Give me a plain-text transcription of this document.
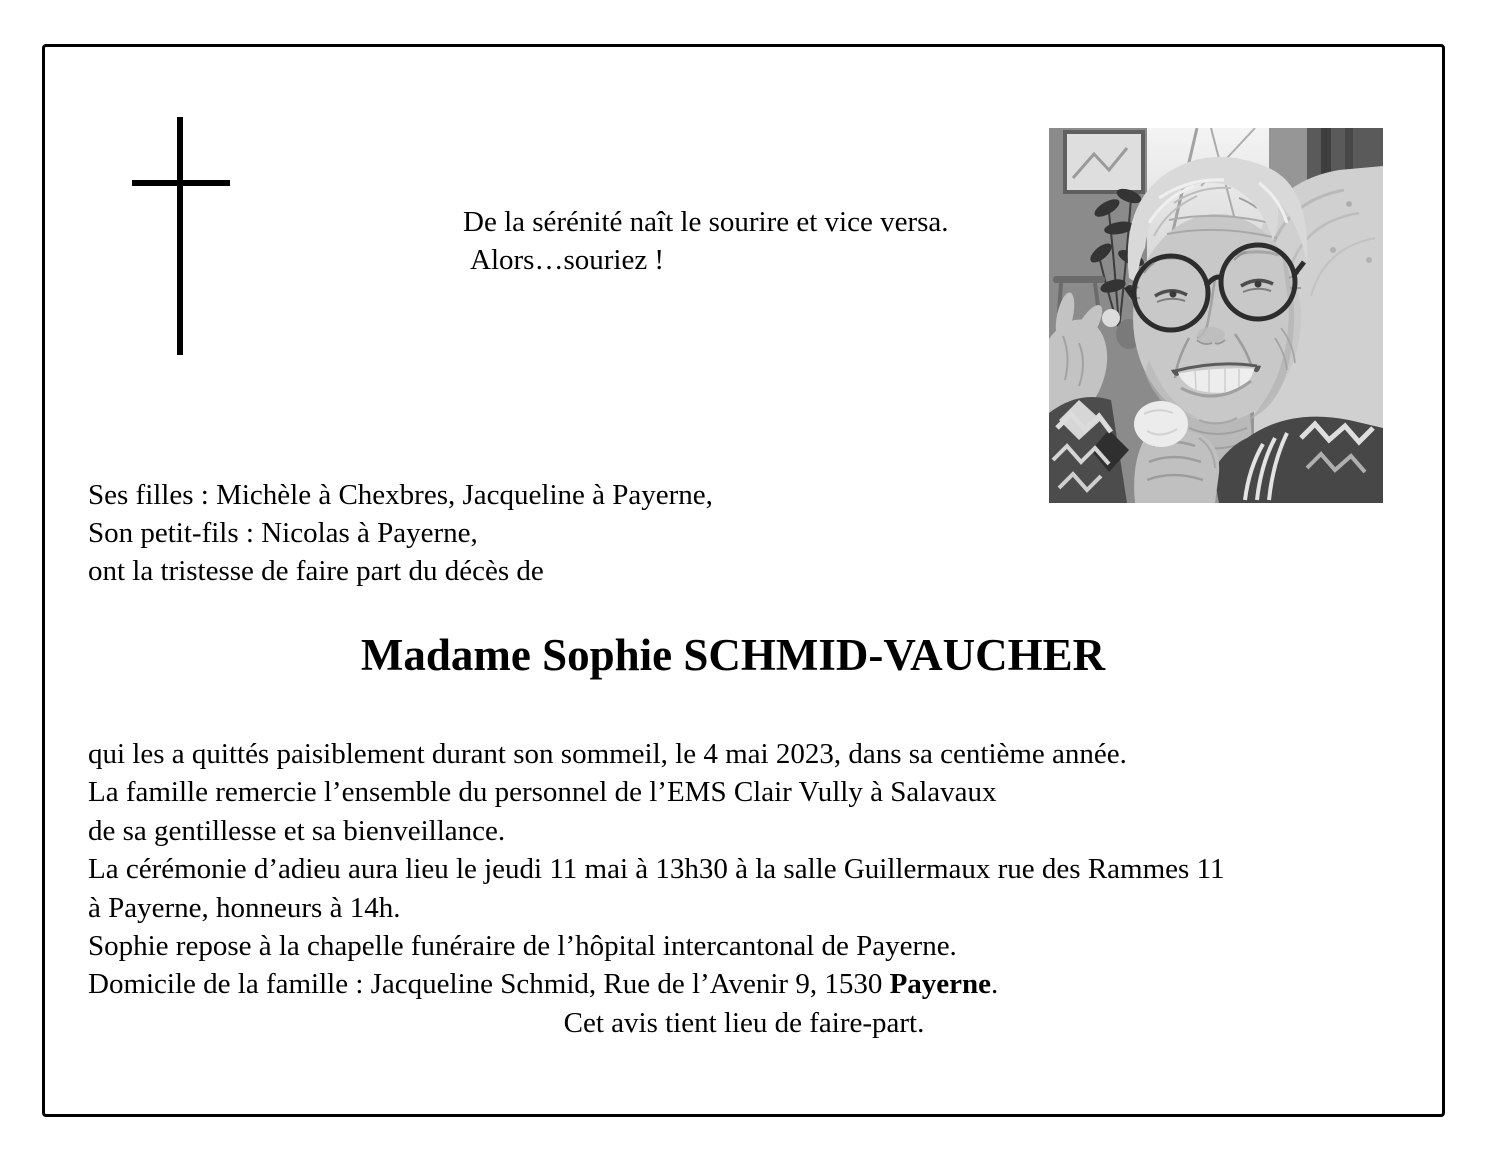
De la sérénité naît le sourire et vice versa.
Alors…souriez !
Ses filles : Michèle à Chexbres, Jacqueline à Payerne,
Son petit-fils : Nicolas à Payerne,
ont la tristesse de faire part du décès de
Madame Sophie SCHMID-VAUCHER
qui les a quittés paisiblement durant son sommeil, le 4 mai 2023, dans sa centième année.
La famille remercie l’ensemble du personnel de l’EMS Clair Vully à Salavaux
de sa gentillesse et sa bienveillance.
La cérémonie d’adieu aura lieu le jeudi 11 mai à 13h30 à la salle Guillermaux rue des Rammes 11
à Payerne, honneurs à 14h.
Sophie repose à la chapelle funéraire de l’hôpital intercantonal de Payerne.
Domicile de la famille : Jacqueline Schmid, Rue de l’Avenir 9, 1530 Payerne.
Cet avis tient lieu de faire-part.
